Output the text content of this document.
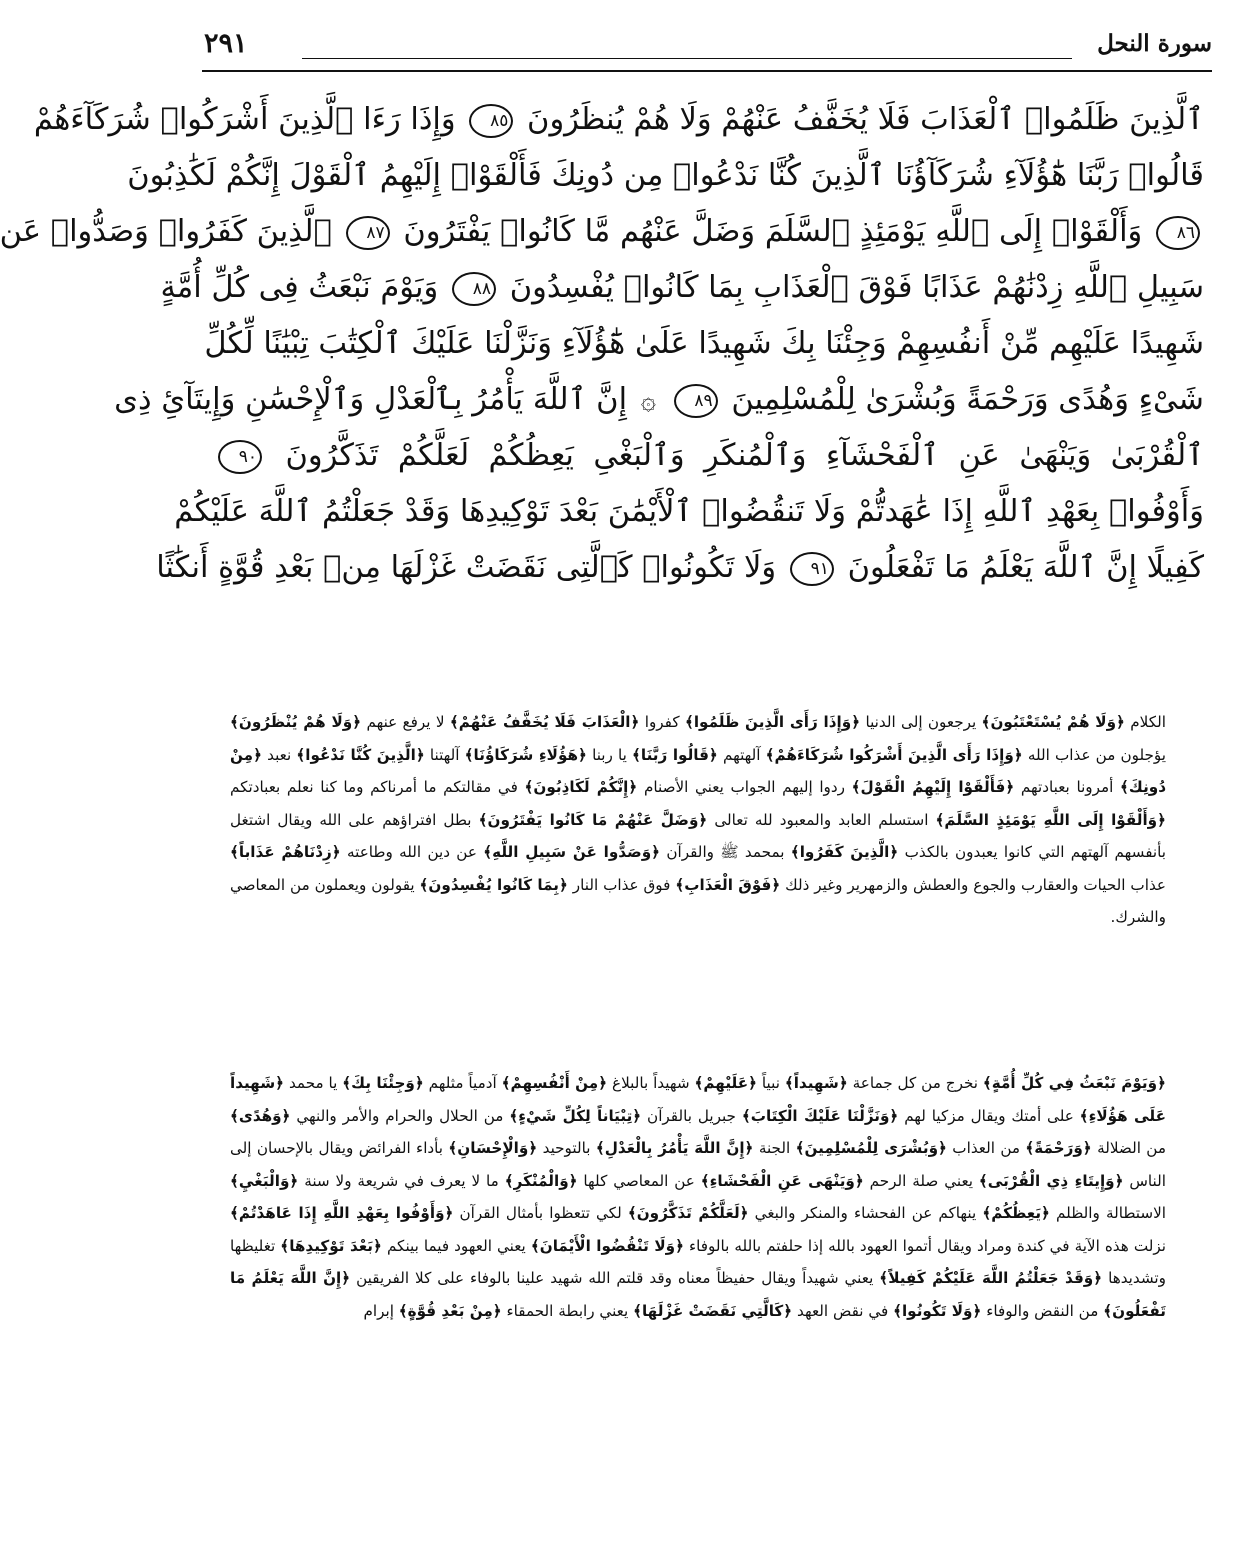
سورة النحل
٢٩١
ٱلَّذِينَ ظَلَمُوا۟ ٱلْعَذَابَ فَلَا يُخَفَّفُ عَنْهُمْ وَلَا هُمْ يُنظَرُونَ ٨٥ وَإِذَا رَءَا ٱلَّذِينَ أَشْرَكُوا۟ شُرَكَآءَهُمْ
قَالُوا۟ رَبَّنَا هَٰٓؤُلَآءِ شُرَكَآؤُنَا ٱلَّذِينَ كُنَّا نَدْعُوا۟ مِن دُونِكَ فَأَلْقَوْا۟ إِلَيْهِمُ ٱلْقَوْلَ إِنَّكُمْ لَكَٰذِبُونَ
٨٦ وَأَلْقَوْا۟ إِلَى ٱللَّهِ يَوْمَئِذٍ ٱلسَّلَمَ وَضَلَّ عَنْهُم مَّا كَانُوا۟ يَفْتَرُونَ ٨٧ ٱلَّذِينَ كَفَرُوا۟ وَصَدُّوا۟ عَن
سَبِيلِ ٱللَّهِ زِدْنَٰهُمْ عَذَابًا فَوْقَ ٱلْعَذَابِ بِمَا كَانُوا۟ يُفْسِدُونَ ٨٨ وَيَوْمَ نَبْعَثُ فِى كُلِّ أُمَّةٍ
شَهِيدًا عَلَيْهِم مِّنْ أَنفُسِهِمْ وَجِئْنَا بِكَ شَهِيدًا عَلَىٰ هَٰٓؤُلَآءِ وَنَزَّلْنَا عَلَيْكَ ٱلْكِتَٰبَ تِبْيَٰنًا لِّكُلِّ
شَىْءٍ وَهُدًى وَرَحْمَةً وَبُشْرَىٰ لِلْمُسْلِمِينَ ٨٩ ۞ إِنَّ ٱللَّهَ يَأْمُرُ بِٱلْعَدْلِ وَٱلْإِحْسَٰنِ وَإِيتَآئِ ذِى
ٱلْقُرْبَىٰ وَيَنْهَىٰ عَنِ ٱلْفَحْشَآءِ وَٱلْمُنكَرِ وَٱلْبَغْىِ يَعِظُكُمْ لَعَلَّكُمْ تَذَكَّرُونَ ٩٠
وَأَوْفُوا۟ بِعَهْدِ ٱللَّهِ إِذَا عَٰهَدتُّمْ وَلَا تَنقُضُوا۟ ٱلْأَيْمَٰنَ بَعْدَ تَوْكِيدِهَا وَقَدْ جَعَلْتُمُ ٱللَّهَ عَلَيْكُمْ
كَفِيلًا إِنَّ ٱللَّهَ يَعْلَمُ مَا تَفْعَلُونَ ٩١ وَلَا تَكُونُوا۟ كَٱلَّتِى نَقَضَتْ غَزْلَهَا مِنۢ بَعْدِ قُوَّةٍ أَنكَٰثًا

الكلام ﴿وَلَا هُمْ يُسْتَعْتَبُونَ﴾ يرجعون إلى الدنيا ﴿وَإِذَا رَأَى الَّذِينَ ظَلَمُوا﴾ كفروا ﴿الْعَذَابَ فَلَا يُخَفَّفُ عَنْهُمْ﴾ لا يرفع عنهم ﴿وَلَا هُمْ يُنْظَرُونَ﴾ يؤجلون من عذاب الله ﴿وَإِذَا رَأَى الَّذِينَ أَشْرَكُوا شُرَكَاءَهُمْ﴾ آلهتهم ﴿قَالُوا رَبَّنَا﴾ يا ربنا ﴿هَؤُلَاءِ شُرَكَاؤُنَا﴾ آلهتنا ﴿الَّذِينَ كُنَّا نَدْعُوا﴾ نعبد ﴿مِنْ دُونِكَ﴾ أمرونا بعبادتهم ﴿فَأَلْقَوْا إِلَيْهِمُ الْقَوْلَ﴾ ردوا إليهم الجواب يعني الأصنام ﴿إِنَّكُمْ لَكَاذِبُونَ﴾ في مقالتكم ما أمرناكم وما كنا نعلم بعبادتكم ﴿وَأَلْقَوْا إِلَى اللَّهِ يَوْمَئِذٍ السَّلَمَ﴾ استسلم العابد والمعبود لله تعالى ﴿وَضَلَّ عَنْهُمْ مَا كَانُوا يَفْتَرُونَ﴾ بطل افتراؤهم على الله ويقال اشتغل بأنفسهم آلهتهم التي كانوا يعبدون بالكذب ﴿الَّذِينَ كَفَرُوا﴾ بمحمد ﷺ والقرآن ﴿وَصَدُّوا عَنْ سَبِيلِ اللَّهِ﴾ عن دين الله وطاعته ﴿زِدْنَاهُمْ عَذَاباً﴾ عذاب الحيات والعقارب والجوع والعطش والزمهرير وغير ذلك ﴿فَوْقَ الْعَذَابِ﴾ فوق عذاب النار ﴿بِمَا كَانُوا يُفْسِدُونَ﴾ يقولون ويعملون من المعاصي والشرك.

﴿وَيَوْمَ نَبْعَثُ فِي كُلِّ أُمَّةٍ﴾ نخرج من كل جماعة ﴿شَهِيداً﴾ نبياً ﴿عَلَيْهِمْ﴾ شهيداً بالبلاغ ﴿مِنْ أَنْفُسِهِمْ﴾ آدمياً مثلهم ﴿وَجِئْنَا بِكَ﴾ يا محمد ﴿شَهِيداً عَلَى هَؤُلَاءِ﴾ على أمتك ويقال مزكيا لهم ﴿وَنَزَّلْنَا عَلَيْكَ الْكِتَابَ﴾ جبريل بالقرآن ﴿تِبْيَاناً لِكُلِّ شَيْءٍ﴾ من الحلال والحرام والأمر والنهي ﴿وَهُدًى﴾ من الضلالة ﴿وَرَحْمَةً﴾ من العذاب ﴿وَبُشْرَى لِلْمُسْلِمِينَ﴾ الجنة ﴿إِنَّ اللَّهَ يَأْمُرُ بِالْعَدْلِ﴾ بالتوحيد ﴿وَالْإِحْسَانِ﴾ بأداء الفرائض ويقال بالإحسان إلى الناس ﴿وَإِيتَاءِ ذِي الْقُرْبَى﴾ يعني صلة الرحم ﴿وَيَنْهَى عَنِ الْفَحْشَاءِ﴾ عن المعاصي كلها ﴿وَالْمُنْكَرِ﴾ ما لا يعرف في شريعة ولا سنة ﴿وَالْبَغْيِ﴾ الاستطالة والظلم ﴿يَعِظُكُمْ﴾ ينهاكم عن الفحشاء والمنكر والبغي ﴿لَعَلَّكُمْ تَذَكَّرُونَ﴾ لكي تتعظوا بأمثال القرآن ﴿وَأَوْفُوا بِعَهْدِ اللَّهِ إِذَا عَاهَدْتُمْ﴾ نزلت هذه الآية في كندة ومراد ويقال أتموا العهود بالله إذا حلفتم بالله بالوفاء ﴿وَلَا تَنْقُضُوا الْأَيْمَانَ﴾ يعني العهود فيما بينكم ﴿بَعْدَ تَوْكِيدِهَا﴾ تغليظها وتشديدها ﴿وَقَدْ جَعَلْتُمُ اللَّهَ عَلَيْكُمْ كَفِيلاً﴾ يعني شهيداً ويقال حفيظاً معناه وقد قلتم الله شهيد علينا بالوفاء على كلا الفريقين ﴿إِنَّ اللَّهَ يَعْلَمُ مَا تَفْعَلُونَ﴾ من النقض والوفاء ﴿وَلَا تَكُونُوا﴾ في نقض العهد ﴿كَالَّتِي نَقَضَتْ غَزْلَهَا﴾ يعني رابطة الحمقاء ﴿مِنْ بَعْدِ قُوَّةٍ﴾ إبرام
